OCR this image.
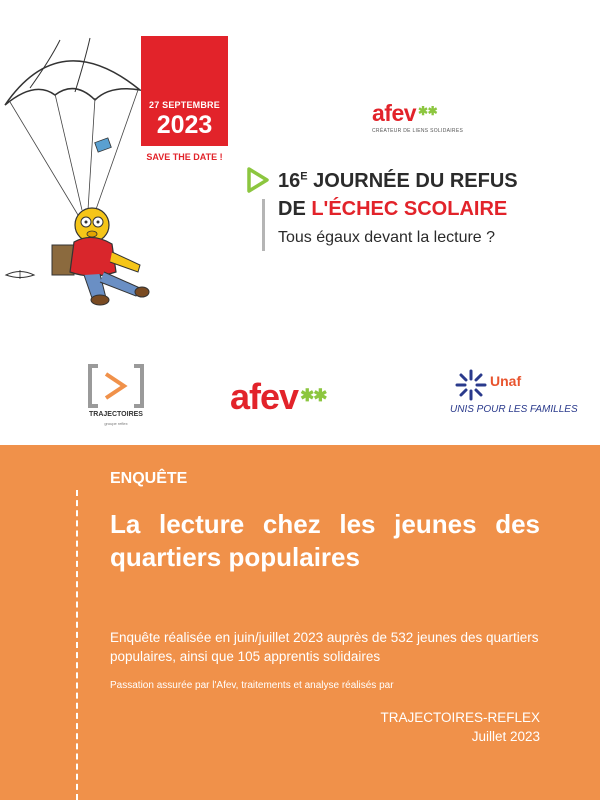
27 SEPTEMBRE
2023
SAVE THE DATE !
afev ✱✱
CRÉATEUR DE LIENS SOLIDAIRES
$16^E$ JOURNÉE DU REFUS
DE L'ÉCHEC SCOLAIRE
Tous égaux devant la lecture ?
TRAJECTOIRES
groupe reflex
afev ✱✱
Unaf
UNIS POUR LES FAMILLES
ENQUÊTE
La lecture chez les jeunes des quartiers populaires
Enquête réalisée en juin/juillet 2023 auprès de 532 jeunes des quartiers populaires, ainsi que 105 apprentis solidaires
Passation assurée par l'Afev, traitements et analyse réalisés par
TRAJECTOIRES-REFLEX
Juillet 2023
